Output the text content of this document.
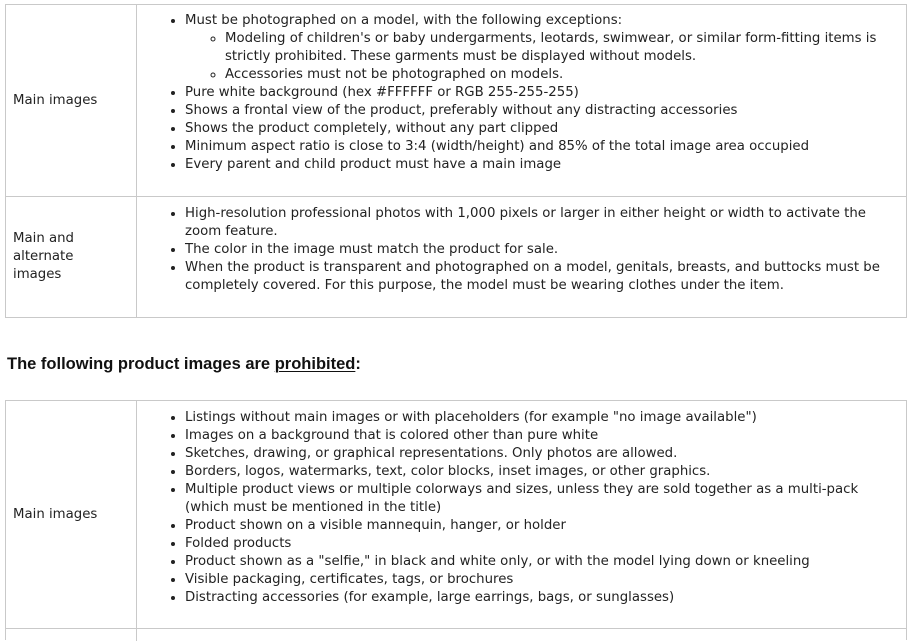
Main images
• Must be photographed on a model, with the following exceptions:
◦ Modeling of children's or baby undergarments, leotards, swimwear, or similar form-fitting items is strictly prohibited. These garments must be displayed without models.
◦ Accessories must not be photographed on models.
• Pure white background (hex #FFFFFF or RGB 255-255-255)
• Shows a frontal view of the product, preferably without any distracting accessories
• Shows the product completely, without any part clipped
• Minimum aspect ratio is close to 3:4 (width/height) and 85% of the total image area occupied
• Every parent and child product must have a main image
Main and alternate images
• High-resolution professional photos with 1,000 pixels or larger in either height or width to activate the zoom feature.
• The color in the image must match the product for sale.
• When the product is transparent and photographed on a model, genitals, breasts, and buttocks must be completely covered. For this purpose, the model must be wearing clothes under the item.
The following product images are prohibited:
Main images
• Listings without main images or with placeholders (for example "no image available")
• Images on a background that is colored other than pure white
• Sketches, drawing, or graphical representations. Only photos are allowed.
• Borders, logos, watermarks, text, color blocks, inset images, or other graphics.
• Multiple product views or multiple colorways and sizes, unless they are sold together as a multi-pack (which must be mentioned in the title)
• Product shown on a visible mannequin, hanger, or holder
• Folded products
• Product shown as a "selfie," in black and white only, or with the model lying down or kneeling
• Visible packaging, certificates, tags, or brochures
• Distracting accessories (for example, large earrings, bags, or sunglasses)
